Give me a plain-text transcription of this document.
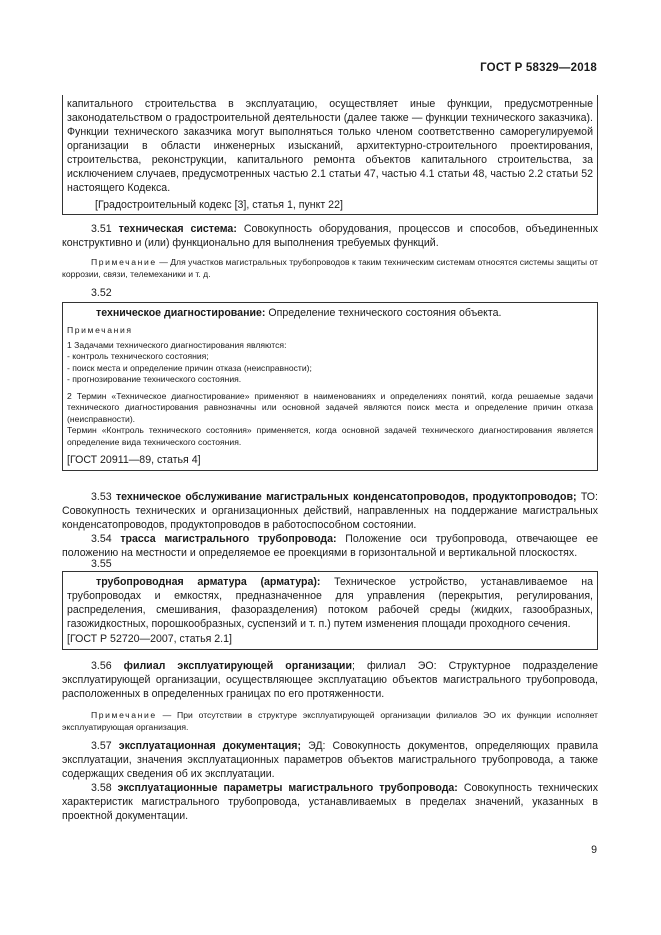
ГОСТ Р 58329—2018

капитального строительства в эксплуатацию, осуществляет иные функции, предусмотренные законодательством о градостроительной деятельности (далее также — функции технического заказчика). Функции технического заказчика могут выполняться только членом соответственно саморегулируемой организации в области инженерных изысканий, архитектурно-строительного проектирования, строительства, реконструкции, капитального ремонта объектов капитального строительства, за исключением случаев, предусмотренных частью 2.1 статьи 47, частью 4.1 статьи 48, частью 2.2 статьи 52 настоящего Кодекса.

[Градостроительный кодекс [3], статья 1, пункт 22]

3.51 техническая система: Совокупность оборудования, процессов и способов, объединенных конструктивно и (или) функционально для выполнения требуемых функций.

Примечание — Для участков магистральных трубопроводов к таким техническим системам относятся системы защиты от коррозии, связи, телемеханики и т. д.

3.52

техническое диагностирование: Определение технического состояния объекта.

Примечания

1 Задачами технического диагностирования являются:

- контроль технического состояния;

- поиск места и определение причин отказа (неисправности);

- прогнозирование технического состояния.

2 Термин «Техническое диагностирование» применяют в наименованиях и определениях понятий, когда решаемые задачи технического диагностирования равнозначны или основной задачей являются поиск места и определение причин отказа (неисправности).

Термин «Контроль технического состояния» применяется, когда основной задачей технического диагностирования является определение вида технического состояния.

[ГОСТ 20911—89, статья 4]

3.53 техническое обслуживание магистральных конденсатопроводов, продуктопроводов; ТО: Совокупность технических и организационных действий, направленных на поддержание магистральных конденсатопроводов, продуктопроводов в работоспособном состоянии.

3.54 трасса магистрального трубопровода: Положение оси трубопровода, отвечающее ее положению на местности и определяемое ее проекциями в горизонтальной и вертикальной плоскостях.

3.55

трубопроводная арматура (арматура): Техническое устройство, устанавливаемое на трубопроводах и емкостях, предназначенное для управления (перекрытия, регулирования, распределения, смешивания, фазоразделения) потоком рабочей среды (жидких, газообразных, газожидкостных, порошкообразных, суспензий и т. п.) путем изменения площади проходного сечения.

[ГОСТ Р 52720—2007, статья 2.1]

3.56 филиал эксплуатирующей организации; филиал ЭО: Структурное подразделение эксплуатирующей организации, осуществляющее эксплуатацию объектов магистрального трубопровода, расположенных в определенных границах по его протяженности.

Примечание — При отсутствии в структуре эксплуатирующей организации филиалов ЭО их функции исполняет эксплуатирующая организация.

3.57 эксплуатационная документация; ЭД: Совокупность документов, определяющих правила эксплуатации, значения эксплуатационных параметров объектов магистрального трубопровода, а также содержащих сведения об их эксплуатации.

3.58 эксплуатационные параметры магистрального трубопровода: Совокупность технических характеристик магистрального трубопровода, устанавливаемых в пределах значений, указанных в проектной документации.

9
